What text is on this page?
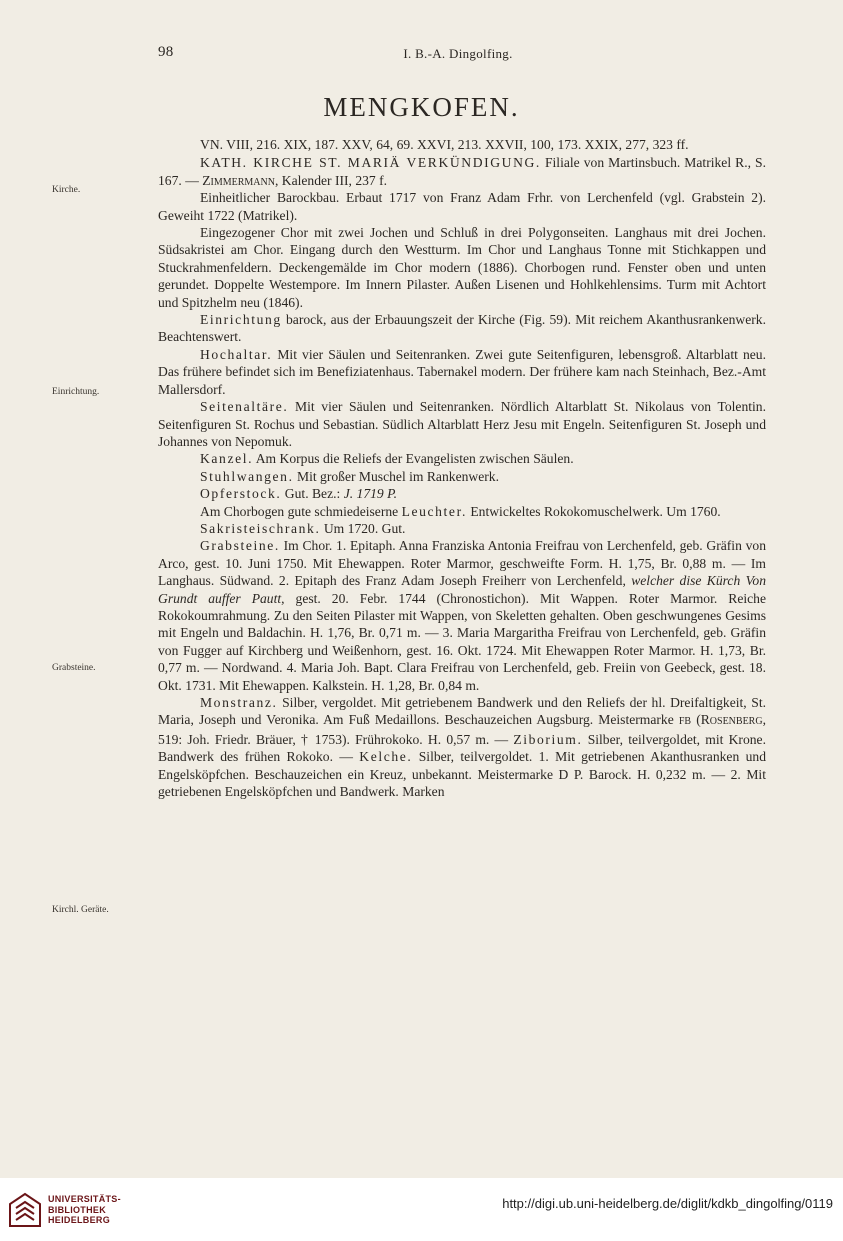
98	I. B.-A. Dingolfing.
MENGKOFEN.
Kirche.
Einrichtung.
Grabsteine.
Kirchl. Geräte.

VN. VIII, 216. XIX, 187. XXV, 64, 69. XXVI, 213. XXVII, 100, 173. XXIX, 277, 323 ff.

KATH. KIRCHE ST. MARIÄ VERKÜNDIGUNG. Filiale von Martinsbuch. Matrikel R., S. 167. — Zimmermann, Kalender III, 237 f.

Einheitlicher Barockbau. Erbaut 1717 von Franz Adam Frhr. von Lerchenfeld (vgl. Grabstein 2). Geweiht 1722 (Matrikel).

Eingezogener Chor mit zwei Jochen und Schluß in drei Polygonseiten. Langhaus mit drei Jochen. Südsakristei am Chor. Eingang durch den Westturm. Im Chor und Langhaus Tonne mit Stichkappen und Stuckrahmenfeldern. Deckengemälde im Chor modern (1886). Chorbogen rund. Fenster oben und unten gerundet. Doppelte Westempore. Im Innern Pilaster. Außen Lisenen und Hohlkehlensims. Turm mit Achtort und Spitzhelm neu (1846).

Einrichtung barock, aus der Erbauungszeit der Kirche (Fig. 59). Mit reichem Akanthusrankenwerk. Beachtenswert.

Hochaltar. Mit vier Säulen und Seitenranken. Zwei gute Seitenfiguren, lebensgroß. Altarblatt neu. Das frühere befindet sich im Benefiziatenhaus. Tabernakel modern. Der frühere kam nach Steinhach, Bez.-Amt Mallersdorf.

Seitenaltäre. Mit vier Säulen und Seitenranken. Nördlich Altarblatt St. Nikolaus von Tolentin. Seitenfiguren St. Rochus und Sebastian. Südlich Altarblatt Herz Jesu mit Engeln. Seitenfiguren St. Joseph und Johannes von Nepomuk.

Kanzel. Am Korpus die Reliefs der Evangelisten zwischen Säulen.

Stuhlwangen. Mit großer Muschel im Rankenwerk.

Opferstock. Gut. Bez.: J. 1719 P.

Am Chorbogen gute schmiedeiserne Leuchter. Entwickeltes Rokokomuschelwerk. Um 1760.

Sakristeischrank. Um 1720. Gut.

Grabsteine. Im Chor. 1. Epitaph. Anna Franziska Antonia Freifrau von Lerchenfeld, geb. Gräfin von Arco, gest. 10. Juni 1750. Mit Ehewappen. Roter Marmor, geschweifte Form. H. 1,75, Br. 0,88 m. — Im Langhaus. Südwand. 2. Epitaph des Franz Adam Joseph Freiherr von Lerchenfeld, welcher dise Kürch Von Grundt auffer Pautt, gest. 20. Febr. 1744 (Chronostichon). Mit Wappen. Roter Marmor. Reiche Rokokoumrahmung. Zu den Seiten Pilaster mit Wappen, von Skeletten gehalten. Oben geschwungenes Gesims mit Engeln und Baldachin. H. 1,76, Br. 0,71 m. — 3. Maria Margaritha Freifrau von Lerchenfeld, geb. Gräfin von Fugger auf Kirchberg und Weißenhorn, gest. 16. Okt. 1724. Mit Ehewappen Roter Marmor. H. 1,73, Br. 0,77 m. — Nordwand. 4. Maria Joh. Bapt. Clara Freifrau von Lerchenfeld, geb. Freiin von Geebeck, gest. 18. Okt. 1731. Mit Ehewappen. Kalkstein. H. 1,28, Br. 0,84 m.

Monstranz. Silber, vergoldet. Mit getriebenem Bandwerk und den Reliefs der hl. Dreifaltigkeit, St. Maria, Joseph und Veronika. Am Fuß Medaillons. Beschauzeichen Augsburg. Meistermarke FB (Rosenberg, 519: Joh. Friedr. Bräuer, † 1753). Frührokoko. H. 0,57 m. — Ziborium. Silber, teilvergoldet, mit Krone. Bandwerk des frühen Rokoko. — Kelche. Silber, teilvergoldet. 1. Mit getriebenen Akanthusranken und Engelsköpfchen. Beschauzeichen ein Kreuz, unbekannt. Meistermarke D P. Barock. H. 0,232 m. — 2. Mit getriebenen Engelsköpfchen und Bandwerk. Marken

UNIVERSITÄTS-
BIBLIOTHEK
HEIDELBERG
http://digi.ub.uni-heidelberg.de/diglit/kdkb_dingolfing/0119
